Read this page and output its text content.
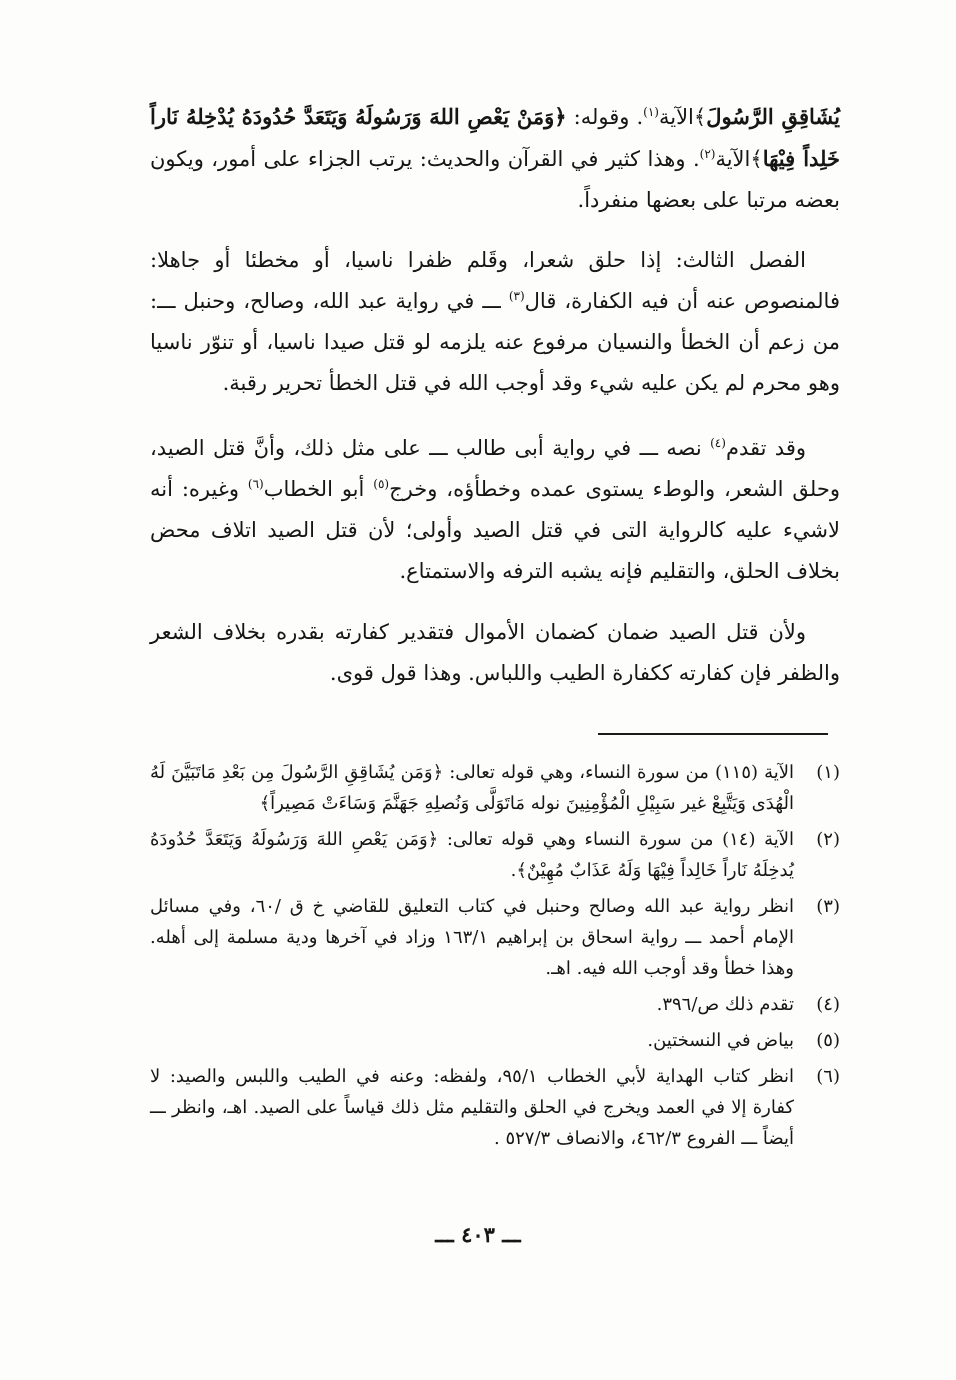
يُشَاقِقِ الرَّسُولَ﴾الآية$^{(١)}$. وقوله: ﴿وَمَنْ يَعْصِ اللهَ وَرَسُولَهُ وَيَتَعَدَّ حُدُودَهُ يُدْخِلهُ نَاراً خَلِداً فِيْهَا﴾الآية$^{(٢)}$. وهذا كثير في القرآن والحديث: يرتب الجزاء على أمور، ويكون بعضه مرتبا على بعضها منفرداً.

الفصل الثالث: إذا حلق شعرا، وقَلم ظفرا ناسيا، أو مخطئا أو جاهلا: فالمنصوص عنه أن فيه الكفارة، قال$^{(٣)}$ ـــ في رواية عبد الله، وصالح، وحنبل ـــ: من زعم أن الخطأ والنسيان مرفوع عنه يلزمه لو قتل صيدا ناسيا، أو تنوّر ناسيا وهو محرم لم يكن عليه شيء وقد أوجب الله في قتل الخطأ تحرير رقبة.

وقد تقدم$^{(٤)}$ نصه ـــ في رواية أبى طالب ـــ على مثل ذلك، وأنَّ قتل الصيد، وحلق الشعر، والوطء يستوى عمده وخطأؤه، وخرج$^{(٥)}$ أبو الخطاب$^{(٦)}$ وغيره: أنه لاشيء عليه كالرواية التى في قتل الصيد وأولى؛ لأن قتل الصيد اتلاف محض بخلاف الحلق، والتقليم فإنه يشبه الترفه والاستمتاع.

ولأن قتل الصيد ضمان كضمان الأموال فتقدير كفارته بقدره بخلاف الشعر والظفر فإن كفارته ككفارة الطيب واللباس. وهذا قول قوى.

(١)
الآية (١١٥) من سورة النساء، وهي قوله تعالى: ﴿وَمَن يُشَاقِقِ الرَّسُولَ مِن بَعْدِ مَاتَبَيَّنَ لَهُ الْهُدَى وَيَتَّبِعْ غير سَبِيْلِ الْمُؤْمِنِينَ نوله مَاتَوَلَّى وَنُصلِهِ جَهَنَّمَ وَسَاءَتْ مَصِيراً﴾
(٢)
الآية (١٤) من سورة النساء وهي قوله تعالى: ﴿وَمَن يَعْصِ اللهَ وَرَسُولَهُ وَيَتَعَدَّ حُدُودَهُ يُدخِلَهُ نَاراً خَالِداً فِيْهَا وَلَهُ عَذَابٌ مُهِيْنٌ﴾.
(٣)
انظر رواية عبد الله وصالح وحنبل في كتاب التعليق للقاضي خ ق /٦٠، وفي مسائل الإمام أحمد ـــ رواية اسحاق بن إبراهيم ١٦٣/١ وزاد في آخرها ودية مسلمة إلى أهله. وهذا خطأ وقد أوجب الله فيه. اهـ.
(٤)
تقدم ذلك ص/٣٩٦.
(٥)
بياض في النسختين.
(٦)
انظر كتاب الهداية لأبي الخطاب ٩٥/١، ولفظه: وعنه في الطيب واللبس والصيد: لا كفارة إلا في العمد ويخرج في الحلق والتقليم مثل ذلك قياساً على الصيد. اهـ، وانظر ـــ أيضاً ـــ الفروع ٤٦٢/٣، والانصاف ٥٢٧/٣ .
ـــ ٤٠٣ ـــ
